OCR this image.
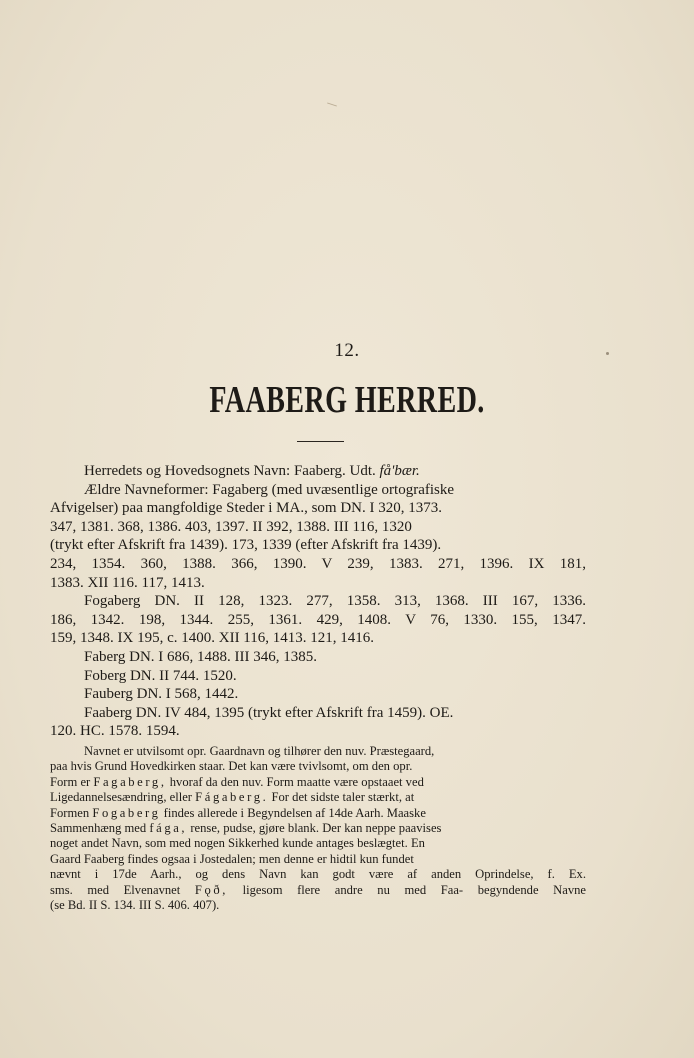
12.
FAABERG HERRED.
Herredets og Hovedsognets Navn: Faaberg. Udt. få'bær.
Ældre Navneformer: Fagaberg (med uvæsentlige ortografiske
Afvigelser) paa mangfoldige Steder i MA., som DN. I 320, 1373.
347, 1381. 368, 1386. 403, 1397. II 392, 1388. III 116, 1320
(trykt efter Afskrift fra 1439). 173, 1339 (efter Afskrift fra 1439).
234, 1354. 360, 1388. 366, 1390. V 239, 1383. 271, 1396. IX 181,
1383. XII 116. 117, 1413.
Fogaberg DN. II 128, 1323. 277, 1358. 313, 1368. III 167, 1336.
186, 1342. 198, 1344. 255, 1361. 429, 1408. V 76, 1330. 155, 1347.
159, 1348. IX 195, c. 1400. XII 116, 1413. 121, 1416.
Faberg DN. I 686, 1488. III 346, 1385.
Foberg DN. II 744. 1520.
Fauberg DN. I 568, 1442.
Faaberg DN. IV 484, 1395 (trykt efter Afskrift fra 1459). OE.
120. HC. 1578. 1594.
Navnet er utvilsomt opr. Gaardnavn og tilhører den nuv. Præstegaard,
paa hvis Grund Hovedkirken staar. Det kan være tvivlsomt, om den opr.
Form er Fagaberg, hvoraf da den nuv. Form maatte være opstaaet ved
Ligedannelsesændring, eller Fágaberg. For det sidste taler stærkt, at
Formen Fogaberg findes allerede i Begyndelsen af 14de Aarh. Maaske
Sammenhæng med fága, rense, pudse, gjøre blank. Der kan neppe paavises
noget andet Navn, som med nogen Sikkerhed kunde antages beslægtet. En
Gaard Faaberg findes ogsaa i Jostedalen; men denne er hidtil kun fundet
nævnt i 17de Aarh., og dens Navn kan godt være af anden Oprindelse, f. Ex.
sms. med Elvenavnet Fǫð, ligesom flere andre nu med Faa- begyndende Navne
(se Bd. II S. 134. III S. 406. 407).
